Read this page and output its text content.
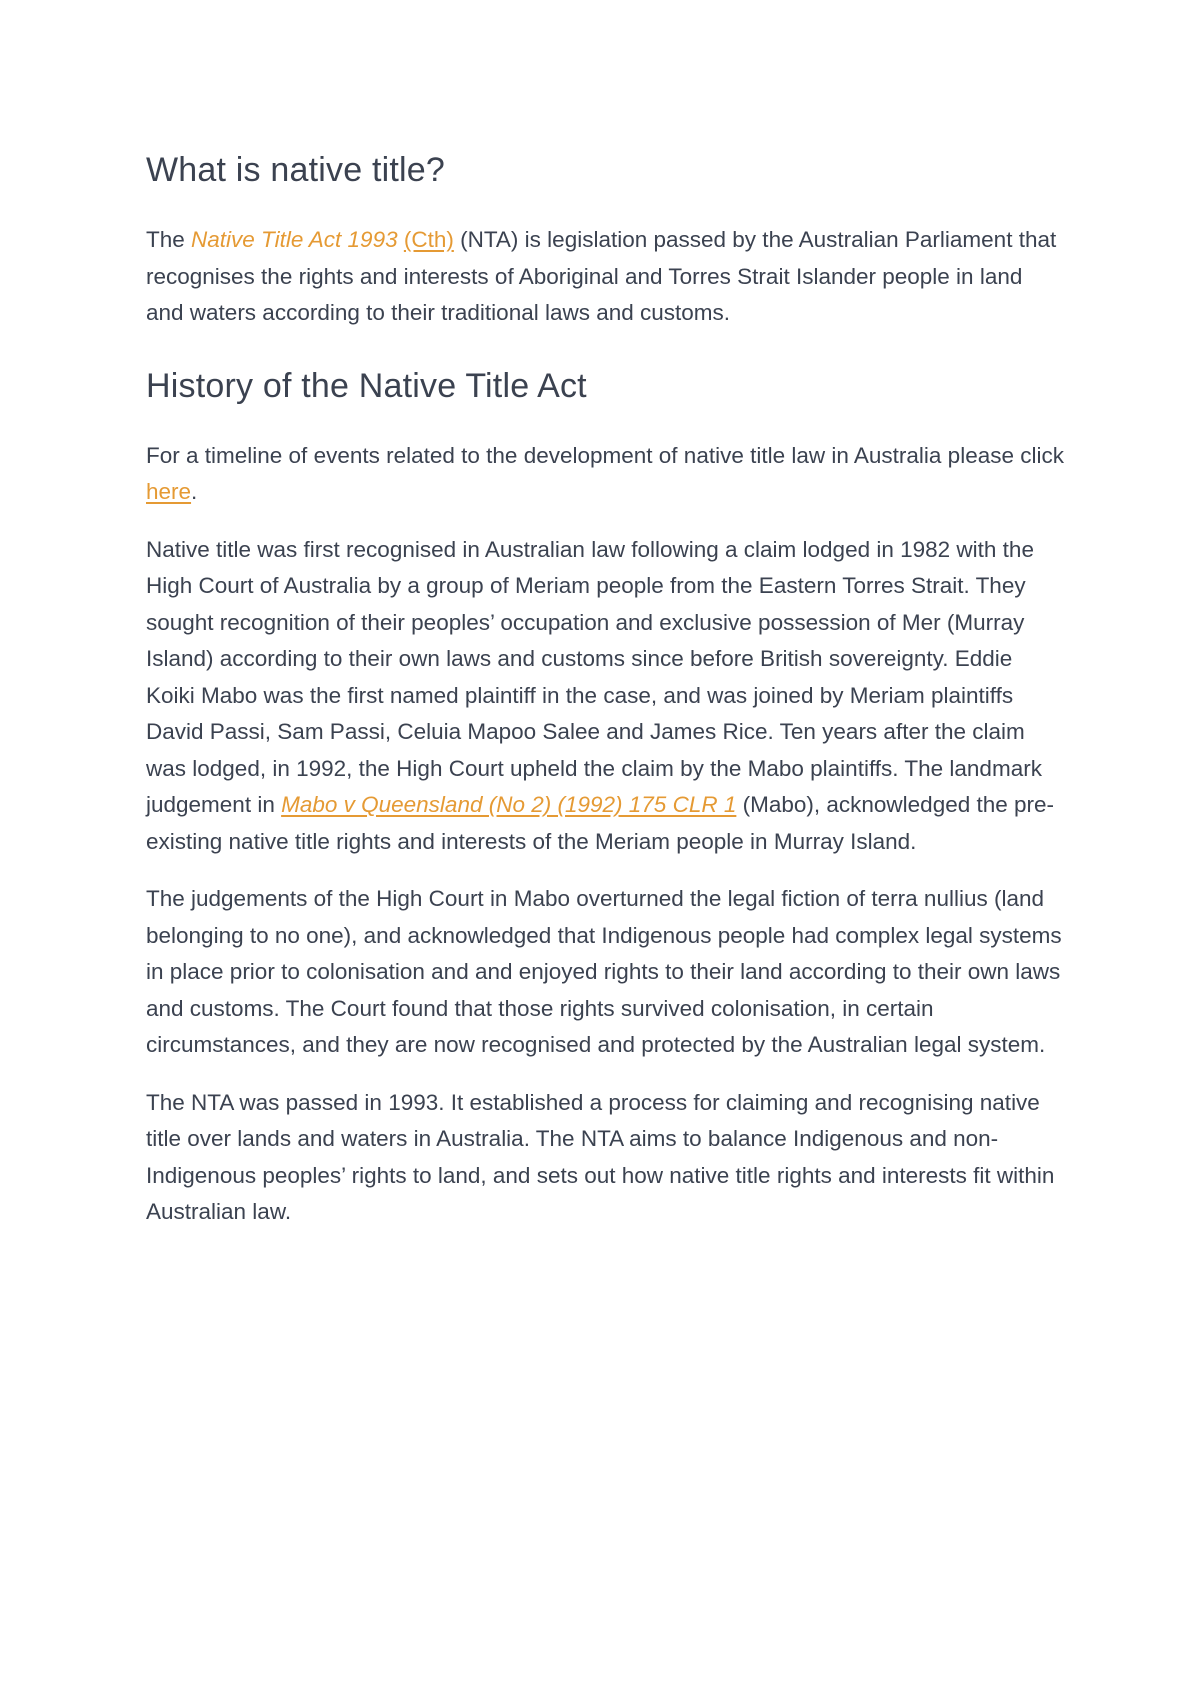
What is native title?

The Native Title Act 1993 (Cth) (NTA) is legislation passed by the Australian Parliament that recognises the rights and interests of Aboriginal and Torres Strait Islander people in land and waters according to their traditional laws and customs.

History of the Native Title Act

For a timeline of events related to the development of native title law in Australia please click here.

Native title was first recognised in Australian law following a claim lodged in 1982 with the High Court of Australia by a group of Meriam people from the Eastern Torres Strait. They sought recognition of their peoples’ occupation and exclusive possession of Mer (Murray Island) according to their own laws and customs since before British sovereignty. Eddie Koiki Mabo was the first named plaintiff in the case, and was joined by Meriam plaintiffs David Passi, Sam Passi, Celuia Mapoo Salee and James Rice. Ten years after the claim was lodged, in 1992, the High Court upheld the claim by the Mabo plaintiffs. The landmark judgement in Mabo v Queensland (No 2) (1992) 175 CLR 1 (Mabo), acknowledged the pre-existing native title rights and interests of the Meriam people in Murray Island.

The judgements of the High Court in Mabo overturned the legal fiction of terra nullius (land belonging to no one), and acknowledged that Indigenous people had complex legal systems in place prior to colonisation and and enjoyed rights to their land according to their own laws and customs. The Court found that those rights survived colonisation, in certain circumstances, and they are now recognised and protected by the Australian legal system.

The NTA was passed in 1993. It established a process for claiming and recognising native title over lands and waters in Australia. The NTA aims to balance Indigenous and non-Indigenous peoples’ rights to land, and sets out how native title rights and interests fit within Australian law.
